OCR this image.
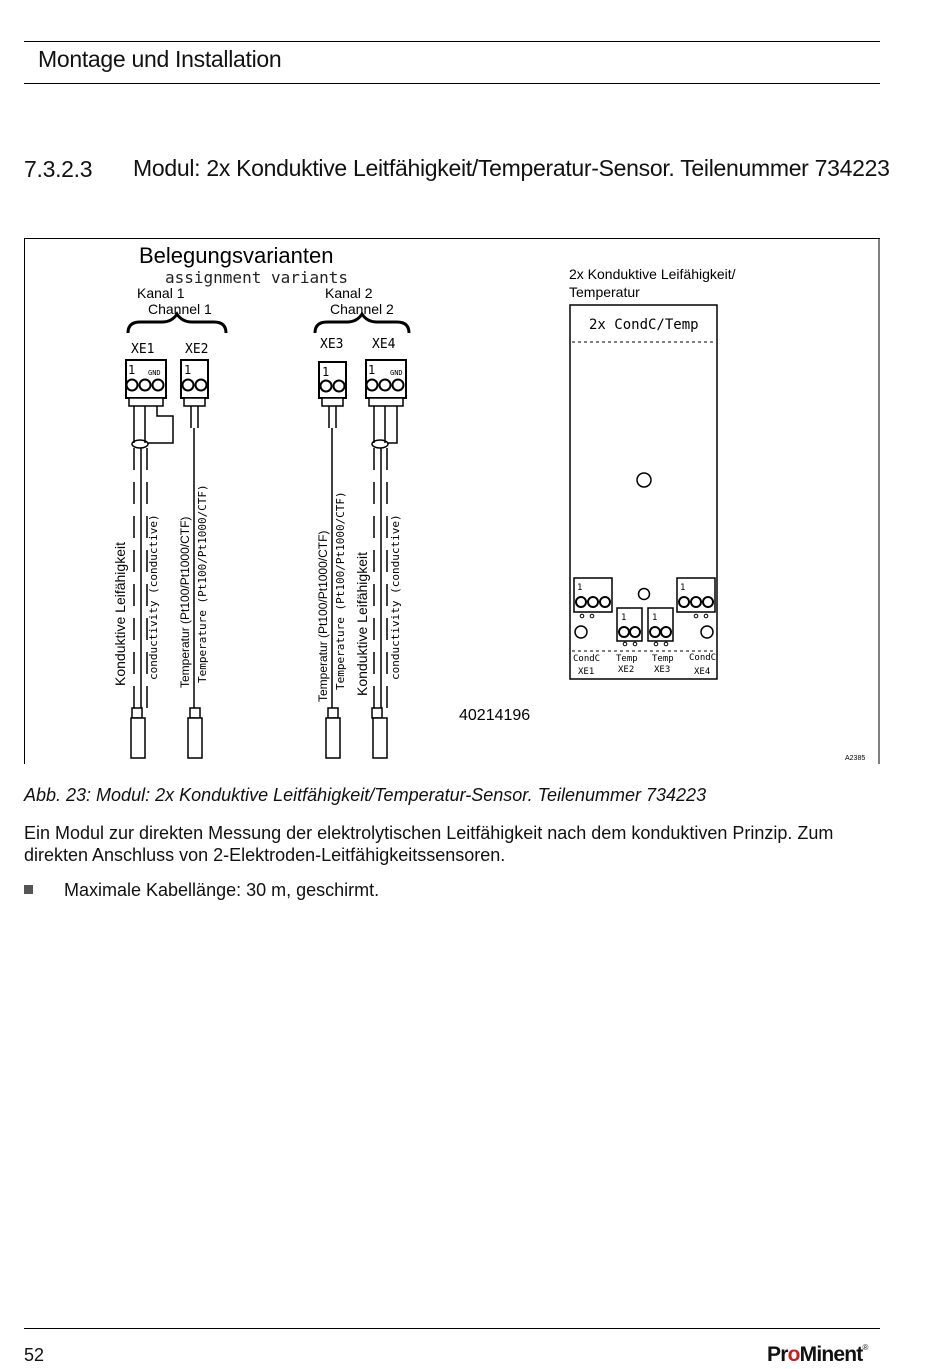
Montage und Installation
7.3.2.3 Modul: 2x Konduktive Leitfähigkeit/Temperatur-Sensor. Teilenummer 734223
Belegungsvarianten
assignment variants
Kanal 1
Channel 1
Kanal 2
Channel 2
XE1 XE2	XE3 XE4
1 GND 1	1	1 GND
Konduktive Leifähigkeit conductivity (conductive) Temperatur (Pt100/Pt1000/CTF) Temperature (Pt100/Pt1000/CTF)	Temperatur (Pt100/Pt1000/CTF) Temperature (Pt100/Pt1000/CTF) Konduktive Leifähigkeit conductivity (conductive)
40214196
2x Konduktive Leifähigkeit/
Temperatur
2x CondC/Temp
1
1	1
1
CondC
XE1
Temp
XE2
Temp
XE3
CondC
XE4
A2385
Abb. 23: Modul: 2x Konduktive Leitfähigkeit/Temperatur-Sensor. Teilenummer 734223
Ein Modul zur direkten Messung der elektrolytischen Leitfähigkeit nach dem konduktiven Prinzip. Zum direkten Anschluss von 2-Elektroden-Leitfähigkeitssensoren.
Maximale Kabellänge: 30 m, geschirmt.
52	ProMinent®
